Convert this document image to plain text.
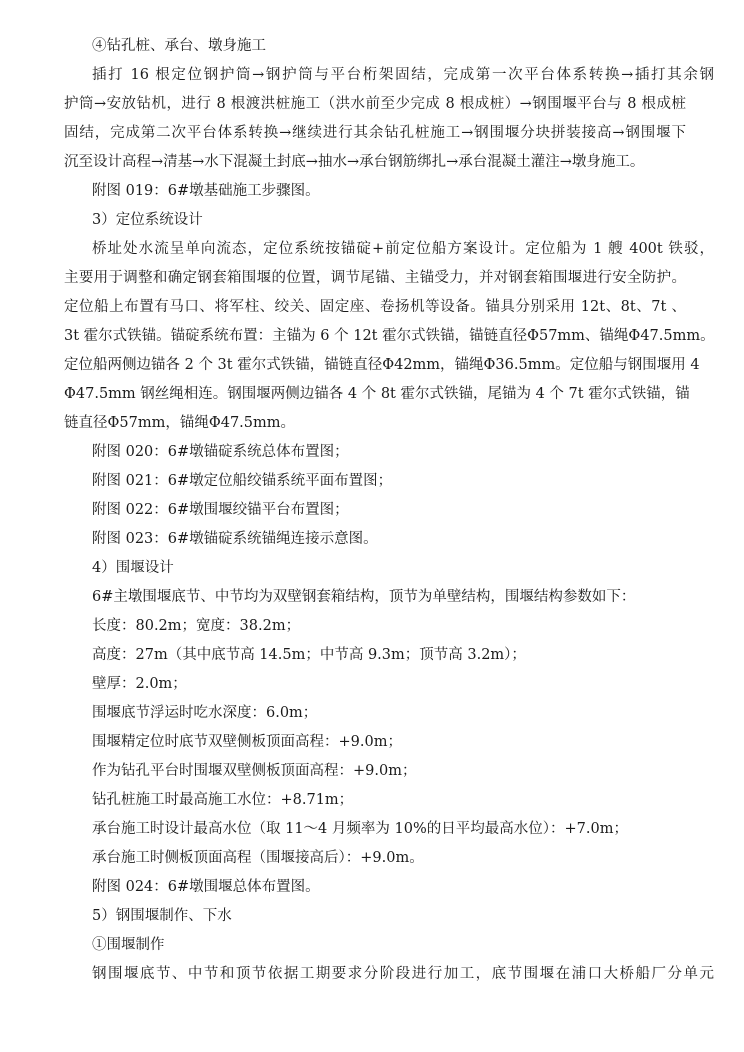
④钻孔桩、承台、墩身施工
插打 16 根定位钢护筒→钢护筒与平台桁架固结，完成第一次平台体系转换→插打其余钢
护筒→安放钻机，进行 8 根渡洪桩施工（洪水前至少完成 8 根成桩）→钢围堰平台与 8 根成桩
固结，完成第二次平台体系转换→继续进行其余钻孔桩施工→钢围堰分块拼装接高→钢围堰下
沉至设计高程→清基→水下混凝土封底→抽水→承台钢筋绑扎→承台混凝土灌注→墩身施工。
附图 019：6#墩基础施工步骤图。
3）定位系统设计
桥址处水流呈单向流态，定位系统按锚碇+前定位船方案设计。定位船为 1 艘 400t 铁驳，
主要用于调整和确定钢套箱围堰的位置，调节尾锚、主锚受力，并对钢套箱围堰进行安全防护。
定位船上布置有马口、将军柱、绞关、固定座、卷扬机等设备。锚具分别采用 12t、8t、7t 、
3t 霍尔式铁锚。锚碇系统布置：主锚为 6 个 12t 霍尔式铁锚，锚链直径Φ57mm、锚绳Φ47.5mm。
定位船两侧边锚各 2 个 3t 霍尔式铁锚，锚链直径Φ42mm，锚绳Φ36.5mm。定位船与钢围堰用 4
Φ47.5mm 钢丝绳相连。钢围堰两侧边锚各 4 个 8t 霍尔式铁锚，尾锚为 4 个 7t 霍尔式铁锚，锚
链直径Φ57mm，锚绳Φ47.5mm。
附图 020：6#墩锚碇系统总体布置图；
附图 021：6#墩定位船绞锚系统平面布置图；
附图 022：6#墩围堰绞锚平台布置图；
附图 023：6#墩锚碇系统锚绳连接示意图。
4）围堰设计
6#主墩围堰底节、中节均为双壁钢套箱结构，顶节为单壁结构，围堰结构参数如下：
长度：80.2m；宽度：38.2m；
高度：27m（其中底节高 14.5m；中节高 9.3m；顶节高 3.2m）；
壁厚：2.0m；
围堰底节浮运时吃水深度：6.0m；
围堰精定位时底节双壁侧板顶面高程：+9.0m；
作为钻孔平台时围堰双壁侧板顶面高程：+9.0m；
钻孔桩施工时最高施工水位：+8.71m；
承台施工时设计最高水位（取 11～4 月频率为 10%的日平均最高水位）：+7.0m；
承台施工时侧板顶面高程（围堰接高后）：+9.0m。
附图 024：6#墩围堰总体布置图。
5）钢围堰制作、下水
①围堰制作
钢围堰底节、中节和顶节依据工期要求分阶段进行加工，底节围堰在浦口大桥船厂分单元
